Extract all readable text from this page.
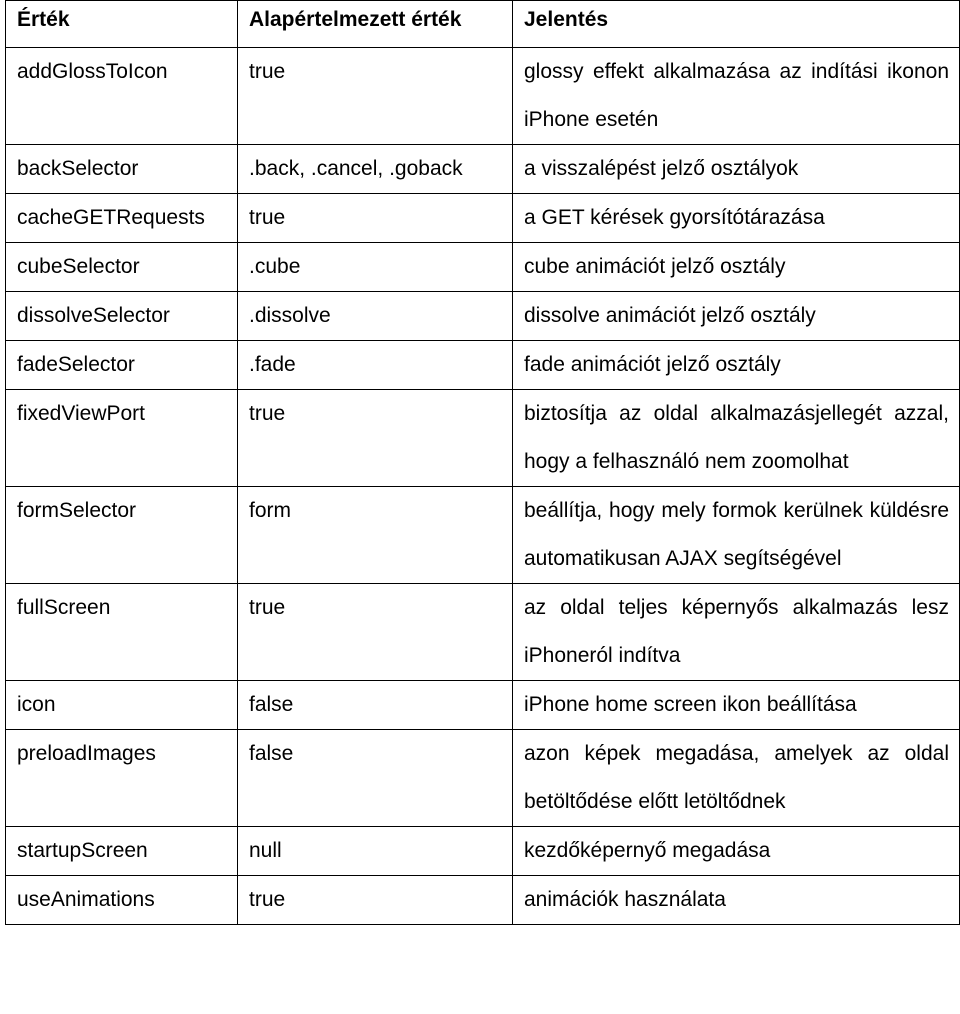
Érték	Alapértelmezett érték	Jelentés
addGlossToIcon	true	glossy effekt alkalmazása az indítási ikonon iPhone esetén
backSelector	.back, .cancel, .goback	a visszalépést jelző osztályok
cacheGETRequests	true	a GET kérések gyorsítótárazása
cubeSelector	.cube	cube animációt jelző osztály
dissolveSelector	.dissolve	dissolve animációt jelző osztály
fadeSelector	.fade	fade animációt jelző osztály
fixedViewPort	true	biztosítja az oldal alkalmazásjellegét azzal, hogy a felhasználó nem zoomolhat
formSelector	form	beállítja, hogy mely formok kerülnek küldésre automatikusan AJAX segítségével
fullScreen	true	az oldal teljes képernyős alkalmazás lesz iPhoneról indítva
icon	false	iPhone home screen ikon beállítása
preloadImages	false	azon képek megadása, amelyek az oldal betöltődése előtt letöltődnek
startupScreen	null	kezdőképernyő megadása
useAnimations	true	animációk használata
